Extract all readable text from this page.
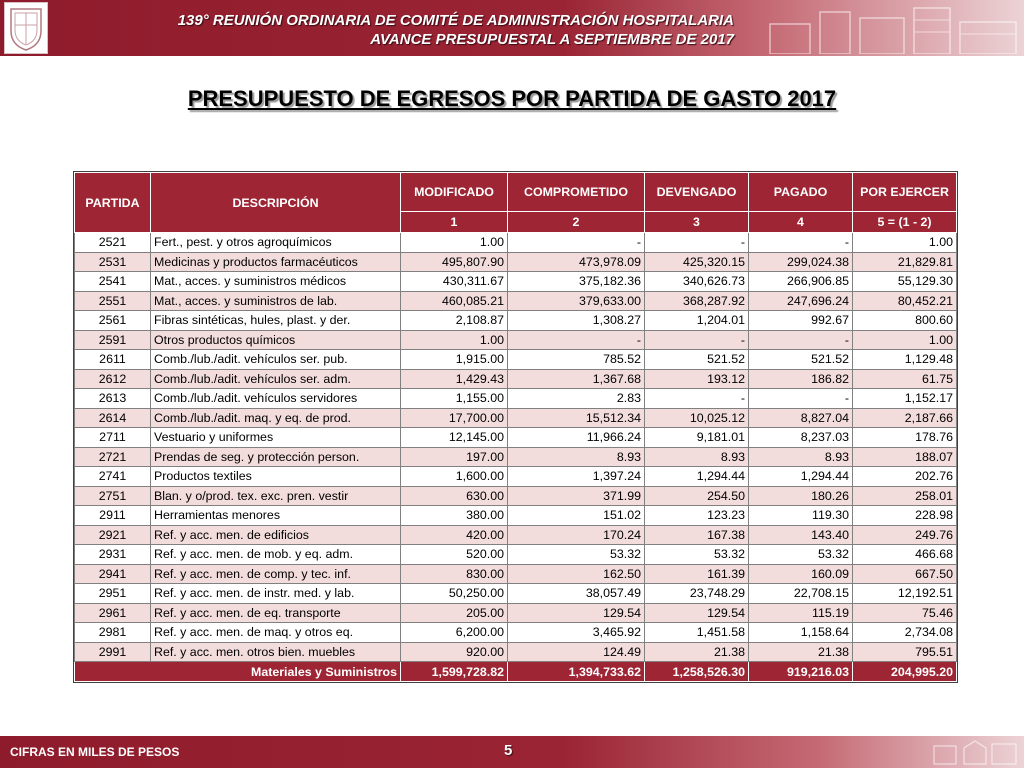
139° REUNIÓN ORDINARIA DE COMITÉ DE ADMINISTRACIÓN HOSPITALARIA
AVANCE PRESUPUESTAL A SEPTIEMBRE DE 2017
PRESUPUESTO DE EGRESOS POR PARTIDA DE GASTO 2017
PARTIDA	DESCRIPCIÓN	MODIFICADO	COMPROMETIDO	DEVENGADO	PAGADO	POR EJERCER
		1	2	3	4	5 = (1 - 2)
2521	Fert., pest. y otros agroquímicos	1.00	-	-	-	1.00
2531	Medicinas y productos farmacéuticos	495,807.90	473,978.09	425,320.15	299,024.38	21,829.81
2541	Mat., acces. y suministros médicos	430,311.67	375,182.36	340,626.73	266,906.85	55,129.30
2551	Mat., acces. y suministros de lab.	460,085.21	379,633.00	368,287.92	247,696.24	80,452.21
2561	Fibras sintéticas, hules, plast. y der.	2,108.87	1,308.27	1,204.01	992.67	800.60
2591	Otros productos químicos	1.00	-	-	-	1.00
2611	Comb./lub./adit. vehículos ser. pub.	1,915.00	785.52	521.52	521.52	1,129.48
2612	Comb./lub./adit. vehículos ser. adm.	1,429.43	1,367.68	193.12	186.82	61.75
2613	Comb./lub./adit. vehículos servidores	1,155.00	2.83	-	-	1,152.17
2614	Comb./lub./adit. maq. y eq. de prod.	17,700.00	15,512.34	10,025.12	8,827.04	2,187.66
2711	Vestuario y uniformes	12,145.00	11,966.24	9,181.01	8,237.03	178.76
2721	Prendas de seg. y protección person.	197.00	8.93	8.93	8.93	188.07
2741	Productos textiles	1,600.00	1,397.24	1,294.44	1,294.44	202.76
2751	Blan. y o/prod. tex. exc. pren. vestir	630.00	371.99	254.50	180.26	258.01
2911	Herramientas menores	380.00	151.02	123.23	119.30	228.98
2921	Ref. y acc. men. de edificios	420.00	170.24	167.38	143.40	249.76
2931	Ref. y acc. men. de mob. y eq. adm.	520.00	53.32	53.32	53.32	466.68
2941	Ref. y acc. men. de comp. y tec. inf.	830.00	162.50	161.39	160.09	667.50
2951	Ref. y acc. men. de instr. med. y lab.	50,250.00	38,057.49	23,748.29	22,708.15	12,192.51
2961	Ref. y acc. men. de eq. transporte	205.00	129.54	129.54	115.19	75.46
2981	Ref. y acc. men. de maq. y otros eq.	6,200.00	3,465.92	1,451.58	1,158.64	2,734.08
2991	Ref. y acc. men. otros bien. muebles	920.00	124.49	21.38	21.38	795.51
Materiales y Suministros		1,599,728.82	1,394,733.62	1,258,526.30	919,216.03	204,995.20
CIFRAS EN MILES DE PESOS	5
